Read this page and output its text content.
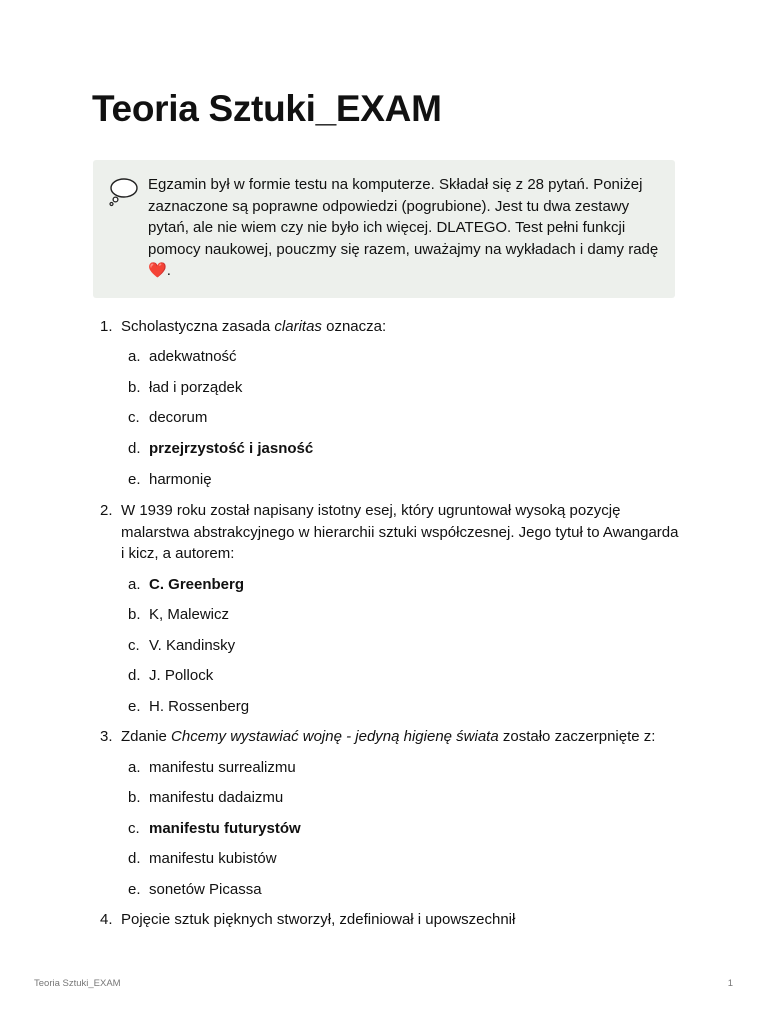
Teoria Sztuki_EXAM

Egzamin był w formie testu na komputerze. Składał się z 28 pytań. Poniżej zaznaczone są poprawne odpowiedzi (pogrubione). Jest tu dwa zestawy pytań, ale nie wiem czy nie było ich więcej. DLATEGO. Test pełni funkcji pomocy naukowej, pouczmy się razem, uważajmy na wykładach i damy radę ❤️.

1. Scholastyczna zasada claritas oznacza:
a. adekwatność
b. ład i porządek
c. decorum
d. przejrzystość i jasność
e. harmonię
2. W 1939 roku został napisany istotny esej, który ugruntował wysoką pozycję malarstwa abstrakcyjnego w hierarchii sztuki współczesnej. Jego tytuł to Awangarda i kicz, a autorem:
a. C. Greenberg
b. K, Malewicz
c. V. Kandinsky
d. J. Pollock
e. H. Rossenberg
3. Zdanie Chcemy wystawiać wojnę - jedyną higienę świata zostało zaczerpnięte z:
a. manifestu surrealizmu
b. manifestu dadaizmu
c. manifestu futurystów
d. manifestu kubistów
e. sonetów Picassa
4. Pojęcie sztuk pięknych stworzył, zdefiniował i upowszechnił
Teoria Sztuki_EXAM	1
